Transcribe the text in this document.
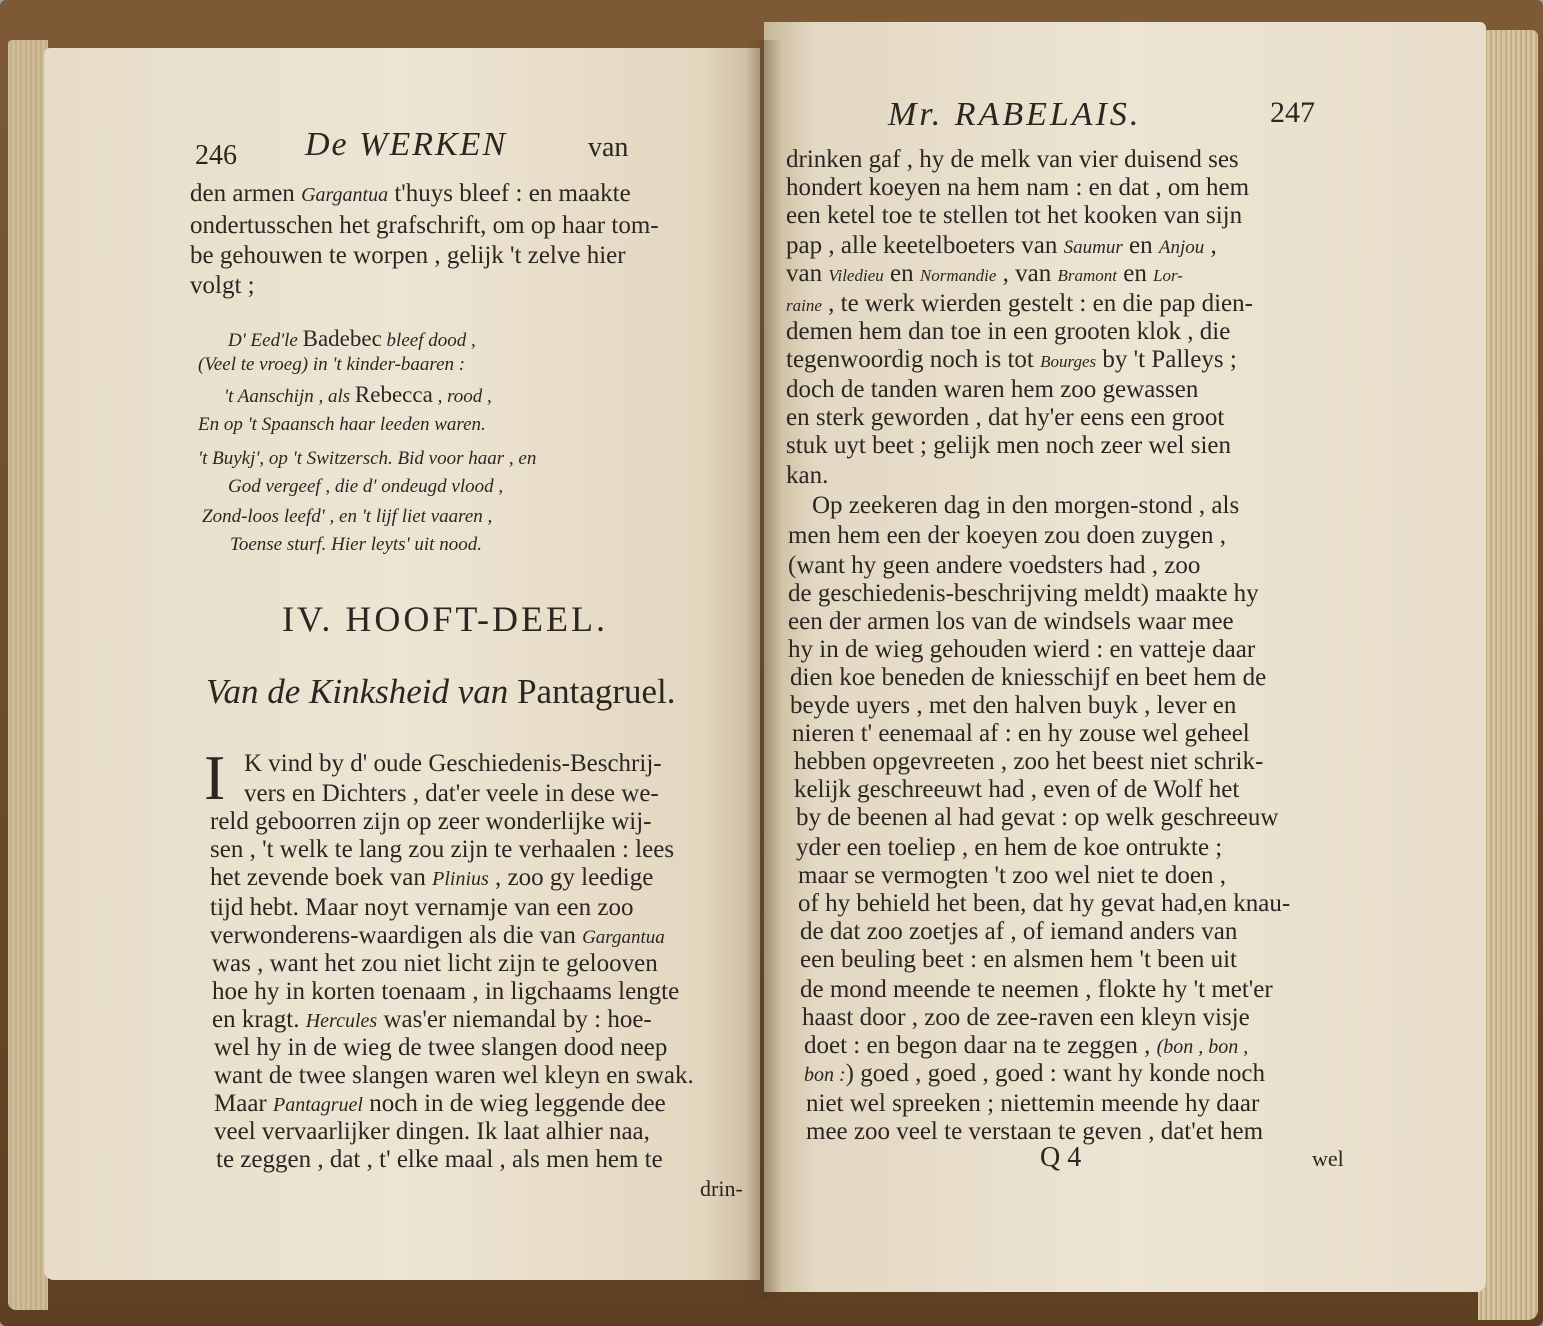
246 De WERKEN	van
den armen Gargantua t'huys bleef : en maakte
ondertusschen het grafschrift, om op haar tom-
be gehouwen te worpen , gelijk 't zelve hier
volgt ;
D' Eed'le Badebec bleef dood ,
(Veel te vroeg) in 't kinder-baaren :
't Aanschijn , als Rebecca , rood ,
En op 't Spaansch haar leeden waren.
't Buykj', op 't Switzersch. Bid voor haar , en
God vergeef , die d' ondeugd vlood ,
Zond-loos leefd' , en 't lijf liet vaaren ,
Toense sturf. Hier leyts' uit nood.
IV. HOOFT-DEEL.
Van de Kinksheid van Pantagruel.
I K vind by d' oude Geschiedenis-Beschrij-
vers en Dichters , dat'er veele in dese we-
reld geboorren zijn op zeer wonderlijke wij-
sen , 't welk te lang zou zijn te verhaalen : lees
het zevende boek van Plinius , zoo gy leedige
tijd hebt. Maar noyt vernamje van een zoo
verwonderens-waardigen als die van Gargantua
was , want het zou niet licht zijn te gelooven
hoe hy in korten toenaam , in ligchaams lengte
en kragt. Hercules was'er niemandal by : hoe-
wel hy in de wieg de twee slangen dood neep
want de twee slangen waren wel kleyn en swak.
Maar Pantagruel noch in de wieg leggende dee
veel vervaarlijker dingen. Ik laat alhier naa,
te zeggen , dat , t' elke maal , als men hem te
drin-
Mr. RABELAIS.	247
drinken gaf , hy de melk van vier duisend ses
hondert koeyen na hem nam : en dat , om hem
een ketel toe te stellen tot het kooken van sijn
pap , alle keetelboeters van Saumur en Anjou ,
van Viledieu en Normandie , van Bramont en Lor-
raine , te werk wierden gestelt : en die pap dien-
demen hem dan toe in een grooten klok , die
tegenwoordig noch is tot Bourges by 't Palleys ;
doch de tanden waren hem zoo gewassen
en sterk geworden , dat hy'er eens een groot
stuk uyt beet ; gelijk men noch zeer wel sien
kan.
Op zeekeren dag in den morgen-stond , als
men hem een der koeyen zou doen zuygen ,
(want hy geen andere voedsters had , zoo
de geschiedenis-beschrijving meldt) maakte hy
een der armen los van de windsels waar mee
hy in de wieg gehouden wierd : en vatteje daar
dien koe beneden de kniesschijf en beet hem de
beyde uyers , met den halven buyk , lever en
nieren t' eenemaal af : en hy zouse wel geheel
hebben opgevreeten , zoo het beest niet schrik-
kelijk geschreeuwt had , even of de Wolf het
by de beenen al had gevat : op welk geschreeuw
yder een toeliep , en hem de koe ontrukte ;
maar se vermogten 't zoo wel niet te doen ,
of hy behield het been, dat hy gevat had,en knau-
de dat zoo zoetjes af , of iemand anders van
een beuling beet : en alsmen hem 't been uit
de mond meende te neemen , flokte hy 't met'er
haast door , zoo de zee-raven een kleyn visje
doet : en begon daar na te zeggen , (bon , bon ,
bon :) goed , goed , goed : want hy konde noch
niet wel spreeken ; niettemin meende hy daar
mee zoo veel te verstaan te geven , dat'et hem
Q 4	wel
